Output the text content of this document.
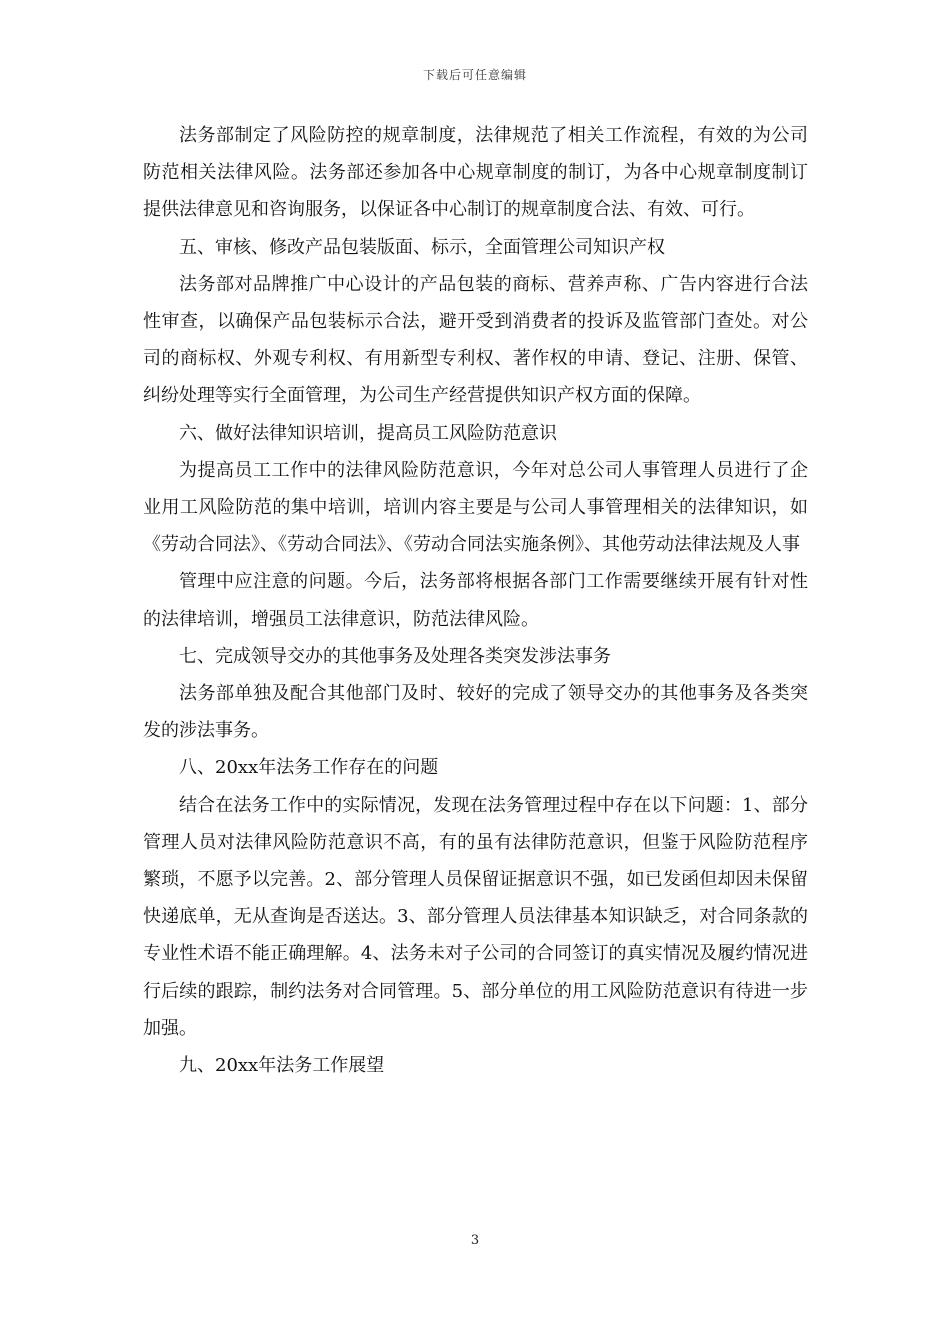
下载后可任意编辑

法务部制定了风险防控的规章制度，法律规范了相关工作流程，有效的为公司防范相关法律风险。法务部还参加各中心规章制度的制订，为各中心规章制度制订提供法律意见和咨询服务，以保证各中心制订的规章制度合法、有效、可行。

五、审核、修改产品包装版面、标示，全面管理公司知识产权

法务部对品牌推广中心设计的产品包装的商标、营养声称、广告内容进行合法性审查，以确保产品包装标示合法，避开受到消费者的投诉及监管部门查处。对公司的商标权、外观专利权、有用新型专利权、著作权的申请、登记、注册、保管、纠纷处理等实行全面管理，为公司生产经营提供知识产权方面的保障。

六、做好法律知识培训，提高员工风险防范意识

为提高员工工作中的法律风险防范意识，今年对总公司人事管理人员进行了企业用工风险防范的集中培训，培训内容主要是与公司人事管理相关的法律知识，如《劳动合同法》、《劳动合同法》、《劳动合同法实施条例》、其他劳动法律法规及人事

管理中应注意的问题。今后，法务部将根据各部门工作需要继续开展有针对性的法律培训，增强员工法律意识，防范法律风险。

七、完成领导交办的其他事务及处理各类突发涉法事务

法务部单独及配合其他部门及时、较好的完成了领导交办的其他事务及各类突发的涉法事务。

八、20xx年法务工作存在的问题

结合在法务工作中的实际情况，发现在法务管理过程中存在以下问题：1、部分管理人员对法律风险防范意识不高，有的虽有法律防范意识，但鉴于风险防范程序繁琐，不愿予以完善。2、部分管理人员保留证据意识不强，如已发函但却因未保留快递底单，无从查询是否送达。3、部分管理人员法律基本知识缺乏，对合同条款的专业性术语不能正确理解。4、法务未对子公司的合同签订的真实情况及履约情况进行后续的跟踪，制约法务对合同管理。5、部分单位的用工风险防范意识有待进一步加强。

九、20xx年法务工作展望

3
